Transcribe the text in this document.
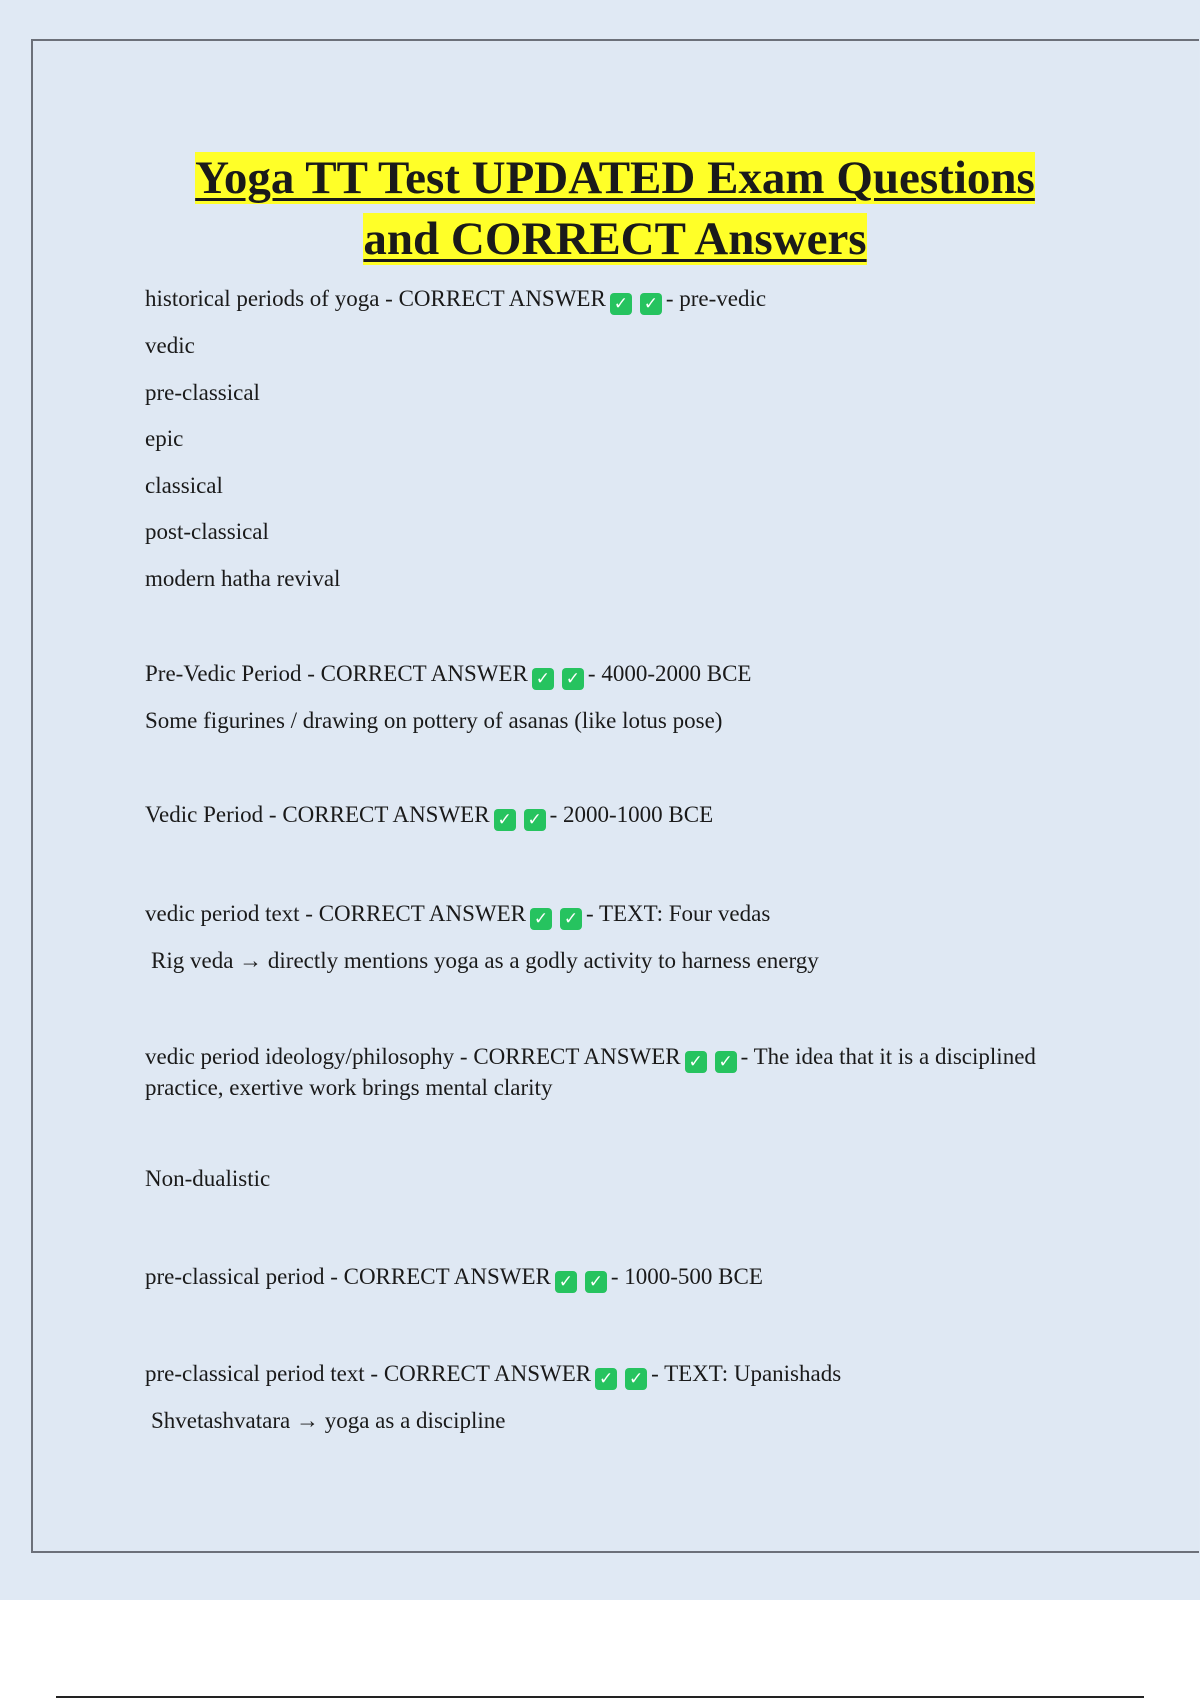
Yoga TT Test UPDATED Exam Questions
and CORRECT Answers
historical periods of yoga - CORRECT ANSWER ✓ ✓ - pre-vedic
vedic
pre-classical
epic
classical
post-classical
modern hatha revival
Pre-Vedic Period - CORRECT ANSWER ✓ ✓ - 4000-2000 BCE
Some figurines / drawing on pottery of asanas (like lotus pose)
Vedic Period - CORRECT ANSWER ✓ ✓ - 2000-1000 BCE
vedic period text - CORRECT ANSWER ✓ ✓ - TEXT: Four vedas
Rig veda → directly mentions yoga as a godly activity to harness energy
vedic period ideology/philosophy - CORRECT ANSWER ✓ ✓ - The idea that it is a disciplined practice, exertive work brings mental clarity
Non-dualistic
pre-classical period - CORRECT ANSWER ✓ ✓ - 1000-500 BCE
pre-classical period text - CORRECT ANSWER ✓ ✓ - TEXT: Upanishads
Shvetashvatara → yoga as a discipline
